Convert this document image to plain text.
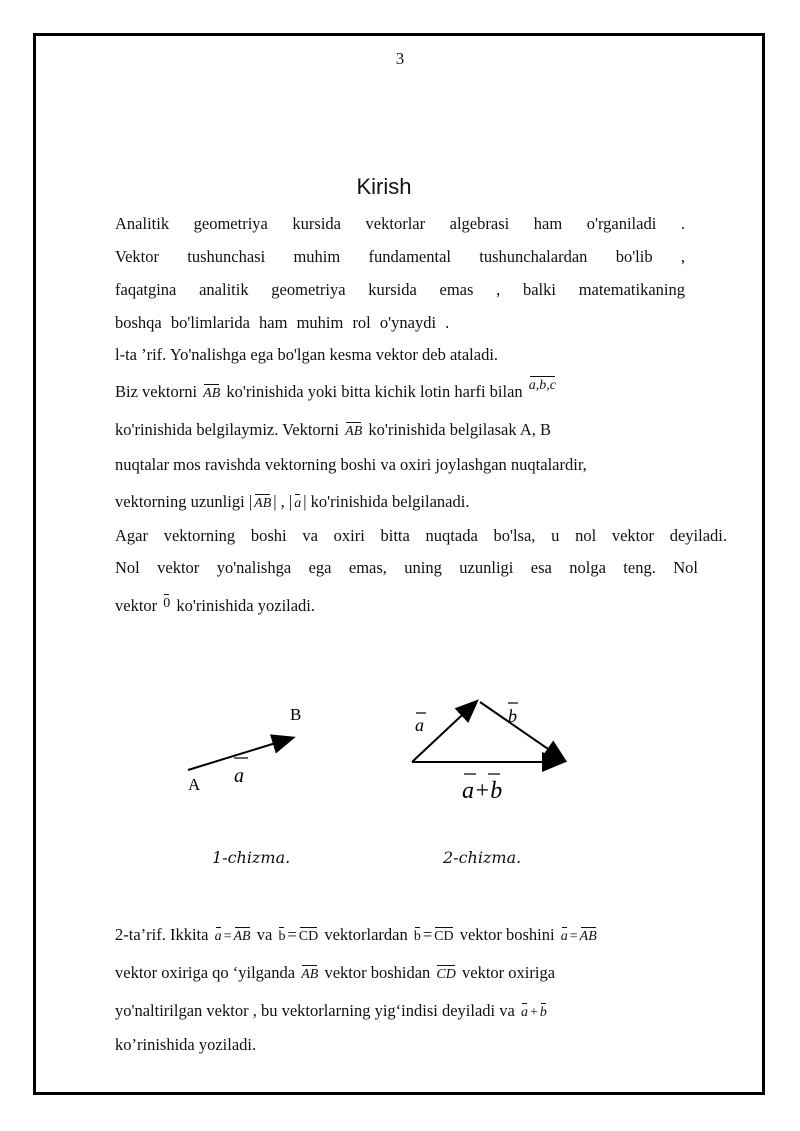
3
Kirish
Analitik geometriya kursida vektorlar algebrasi ham o'rganiladi .
Vektor tushunchasi muhim fundamental tushunchalardan bo'lib ,
faqatgina analitik geometriya kursida emas , balki matematikaning
boshqa bo'limlarida ham muhim rol o'ynaydi .
l-ta ’rif. Yo'nalishga ega bo'lgan kesma vektor deb ataladi.
Biz vektorni AB ko'rinishida yoki bitta kichik lotin harfi bilan a,b,c
ko'rinishida belgilaymiz. Vektorni AB ko'rinishida belgilasak A, B
nuqtalar mos ravishda vektorning boshi va oxiri joylashgan nuqtalardir,
vektorning uzunligi | AB | , | a | ko'rinishida belgilanadi.
Agar vektorning boshi va oxiri bitta nuqtada bo'lsa, u nol vektor deyiladi.
Nol vektor yo'nalishga ega emas, uning uzunligi esa nolga teng. Nol
vektor 0 ko'rinishida yoziladi.
A
B
a
a	b
a+b
1-chizma.	2-chizma.
2-ta’rif. Ikkita a = AB va b = CD vektorlardan b = CD vektor boshini a = AB
vektor oxiriga qo ‘yilganda AB vektor boshidan CD vektor oxiriga
yo'naltirilgan vektor , bu vektorlarning yig‘indisi deyiladi va a + b
ko’rinishida yoziladi.
